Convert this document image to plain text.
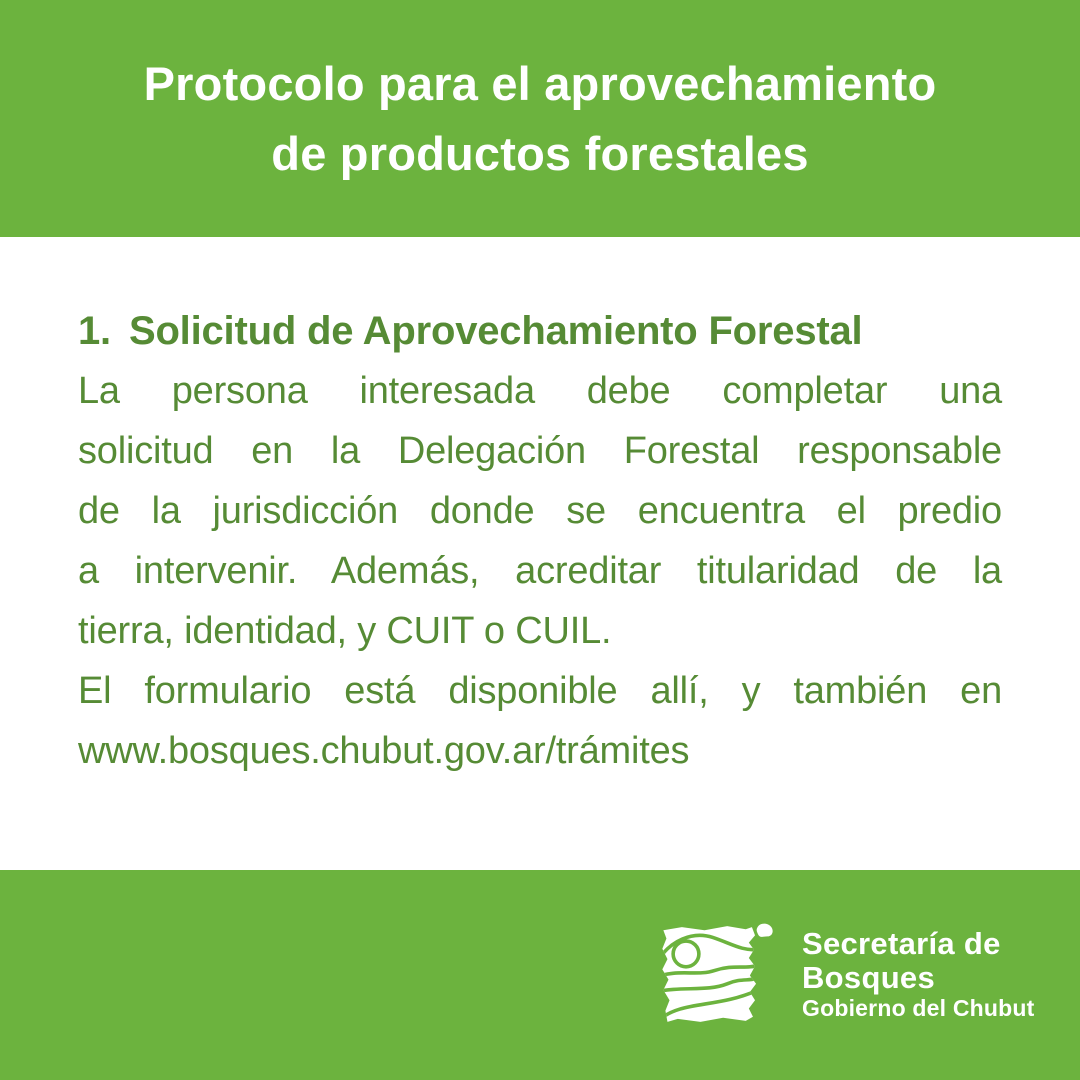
Protocolo para el aprovechamiento
de productos forestales

1. Solicitud de Aprovechamiento Forestal

La persona interesada debe completar una

solicitud en la Delegación Forestal responsable

de la jurisdicción donde se encuentra el predio

a intervenir. Además, acreditar titularidad de la

tierra, identidad, y CUIT o CUIL.

El formulario está disponible allí, y también en

www.bosques.chubut.gov.ar/trámites

Secretaría de
Bosques
Gobierno del Chubut
